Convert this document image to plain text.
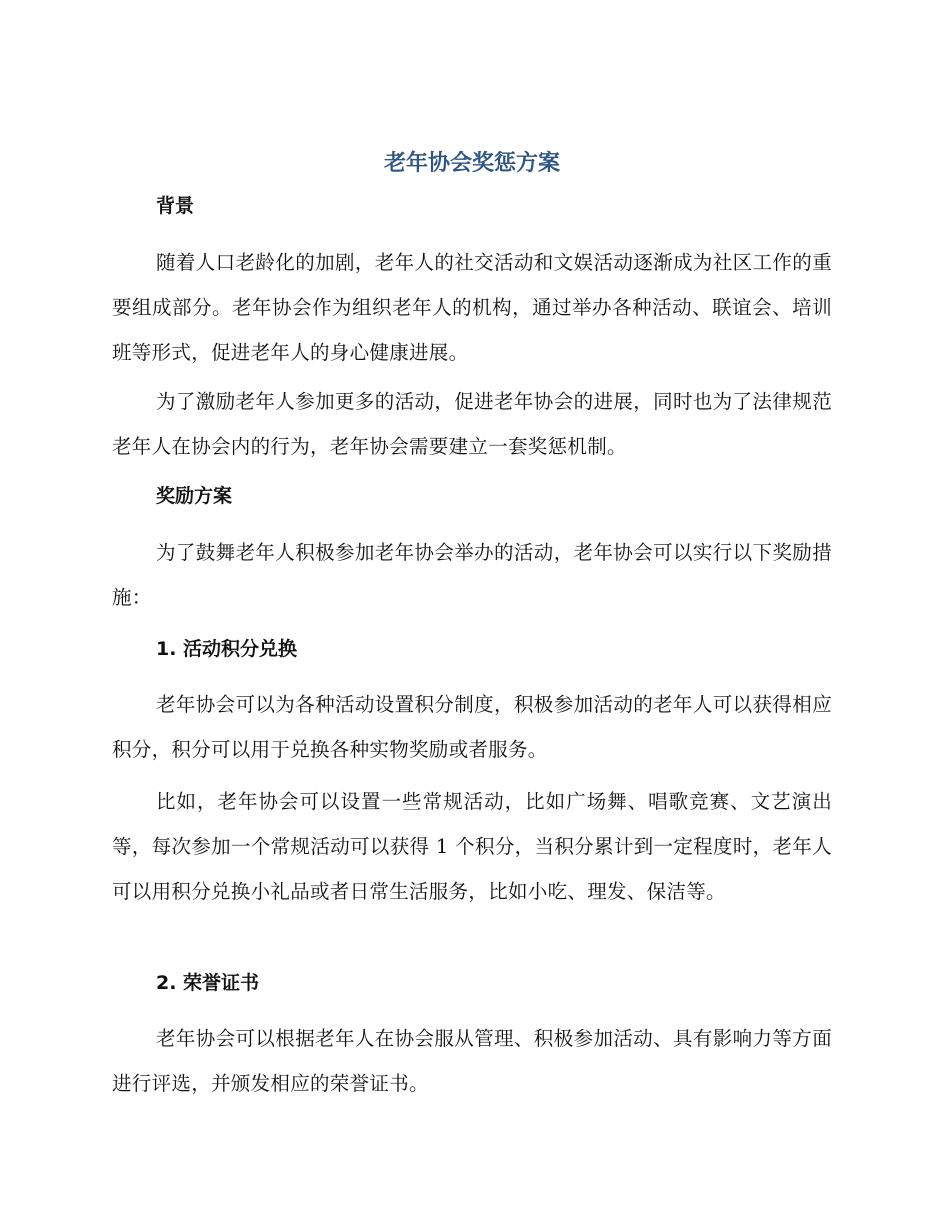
老年协会奖惩方案
背景

随着人口老龄化的加剧，老年人的社交活动和文娱活动逐渐成为社区工作的重要组成部分。老年协会作为组织老年人的机构，通过举办各种活动、联谊会、培训班等形式，促进老年人的身心健康进展。

为了激励老年人参加更多的活动，促进老年协会的进展，同时也为了法律规范老年人在协会内的行为，老年协会需要建立一套奖惩机制。

奖励方案

为了鼓舞老年人积极参加老年协会举办的活动，老年协会可以实行以下奖励措施：

1. 活动积分兑换

老年协会可以为各种活动设置积分制度，积极参加活动的老年人可以获得相应积分，积分可以用于兑换各种实物奖励或者服务。

比如，老年协会可以设置一些常规活动，比如广场舞、唱歌竞赛、文艺演出等，每次参加一个常规活动可以获得 1 个积分，当积分累计到一定程度时，老年人可以用积分兑换小礼品或者日常生活服务，比如小吃、理发、保洁等。

2. 荣誉证书

老年协会可以根据老年人在协会服从管理、积极参加活动、具有影响力等方面进行评选，并颁发相应的荣誉证书。
